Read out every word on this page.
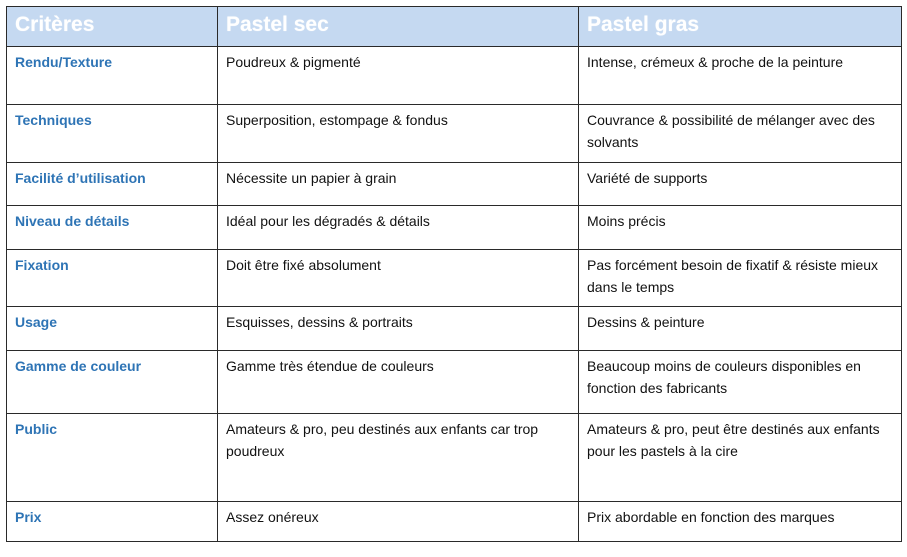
Critères	Pastel sec	Pastel gras
Rendu/Texture	Poudreux & pigmenté	Intense, crémeux & proche de la peinture
Techniques	Superposition, estompage & fondus	Couvrance & possibilité de mélanger avec des solvants
Facilité d’utilisation	Nécessite un papier à grain	Variété de supports
Niveau de détails	Idéal pour les dégradés & détails	Moins précis
Fixation	Doit être fixé absolument	Pas forcément besoin de fixatif & résiste mieux dans le temps
Usage	Esquisses, dessins & portraits	Dessins & peinture
Gamme de couleur	Gamme très étendue de couleurs	Beaucoup moins de couleurs disponibles en fonction des fabricants
Public	Amateurs & pro, peu destinés aux enfants car trop poudreux	Amateurs & pro, peut être destinés aux enfants pour les pastels à la cire
Prix	Assez onéreux	Prix abordable en fonction des marques
